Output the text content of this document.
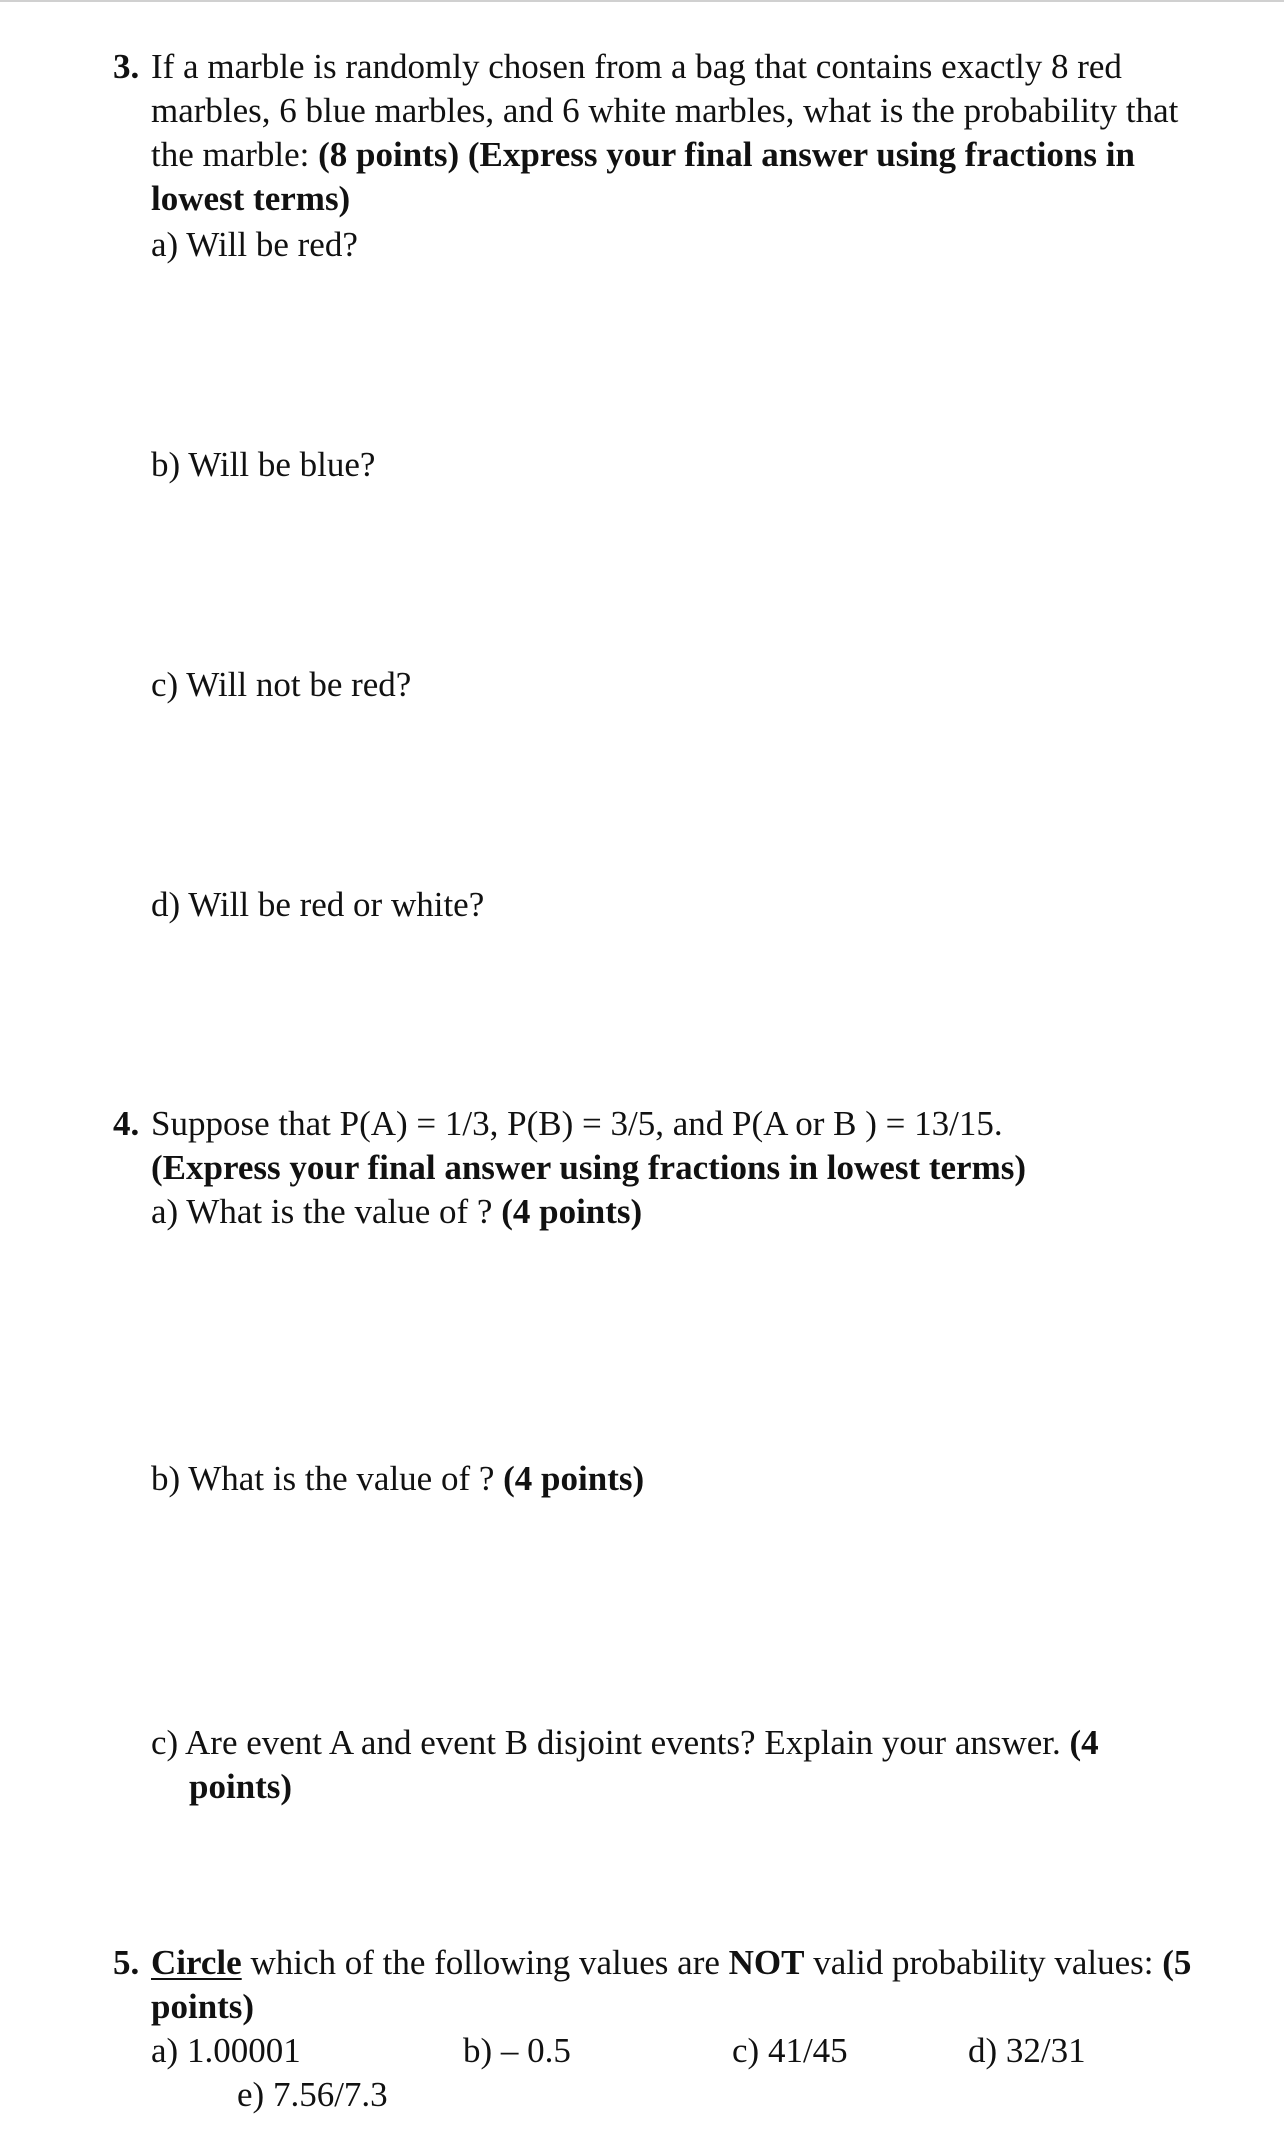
3. If a marble is randomly chosen from a bag that contains exactly 8 red marbles, 6 blue marbles, and 6 white marbles, what is the probability that the marble: (8 points) (Express your final answer using fractions in lowest terms)
a) Will be red?
b) Will be blue?
c) Will not be red?
d) Will be red or white?
4. Suppose that P(A) = 1/3, P(B) = 3/5, and P(A or B ) = 13/15.
(Express your final answer using fractions in lowest terms)
a) What is the value of ? (4 points)
b) What is the value of ? (4 points)
c) Are event A and event B disjoint events? Explain your answer. (4
points)
5. Circle which of the following values are NOT valid probability values: (5 points)
a) 1.00001	b) – 0.5	c) 41/45	d) 32/31
e) 7.56/7.3
